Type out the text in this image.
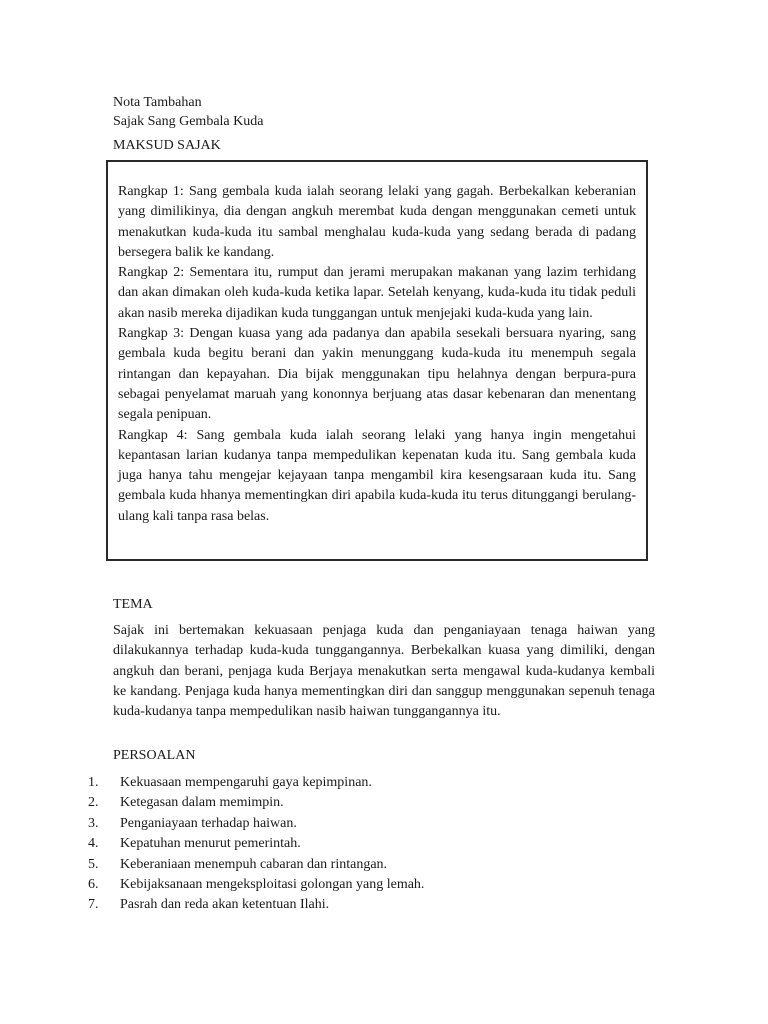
Nota Tambahan
Sajak Sang Gembala Kuda
MAKSUD SAJAK

Rangkap 1: Sang gembala kuda ialah seorang lelaki yang gagah. Berbekalkan keberanian yang dimilikinya, dia dengan angkuh merembat kuda dengan menggunakan cemeti untuk menakutkan kuda-kuda itu sambal menghalau kuda-kuda yang sedang berada di padang bersegera balik ke kandang.

Rangkap 2: Sementara itu, rumput dan jerami merupakan makanan yang lazim terhidang dan akan dimakan oleh kuda-kuda ketika lapar. Setelah kenyang, kuda-kuda itu tidak peduli akan nasib mereka dijadikan kuda tunggangan untuk menjejaki kuda-kuda yang lain.

Rangkap 3: Dengan kuasa yang ada padanya dan apabila sesekali bersuara nyaring, sang gembala kuda begitu berani dan yakin menunggang kuda-kuda itu menempuh segala rintangan dan kepayahan. Dia bijak menggunakan tipu helahnya dengan berpura-pura sebagai penyelamat maruah yang kononnya berjuang atas dasar kebenaran dan menentang segala penipuan.

Rangkap 4: Sang gembala kuda ialah seorang lelaki yang hanya ingin mengetahui kepantasan larian kudanya tanpa mempedulikan kepenatan kuda itu. Sang gembala kuda juga hanya tahu mengejar kejayaan tanpa mengambil kira kesengsaraan kuda itu. Sang gembala kuda hhanya mementingkan diri apabila kuda-kuda itu terus ditunggangi berulang-ulang kali tanpa rasa belas.

TEMA

Sajak ini bertemakan kekuasaan penjaga kuda dan penganiayaan tenaga haiwan yang dilakukannya terhadap kuda-kuda tunggangannya. Berbekalkan kuasa yang dimiliki, dengan angkuh dan berani, penjaga kuda Berjaya menakutkan serta mengawal kuda-kudanya kembali ke kandang. Penjaga kuda hanya mementingkan diri dan sanggup menggunakan sepenuh tenaga kuda-kudanya tanpa mempedulikan nasib haiwan tunggangannya itu.

PERSOALAN
1. Kekuasaan mempengaruhi gaya kepimpinan.
2. Ketegasan dalam memimpin.
3. Penganiayaan terhadap haiwan.
4. Kepatuhan menurut pemerintah.
5. Keberaniaan menempuh cabaran dan rintangan.
6. Kebijaksanaan mengeksploitasi golongan yang lemah.
7. Pasrah dan reda akan ketentuan Ilahi.
